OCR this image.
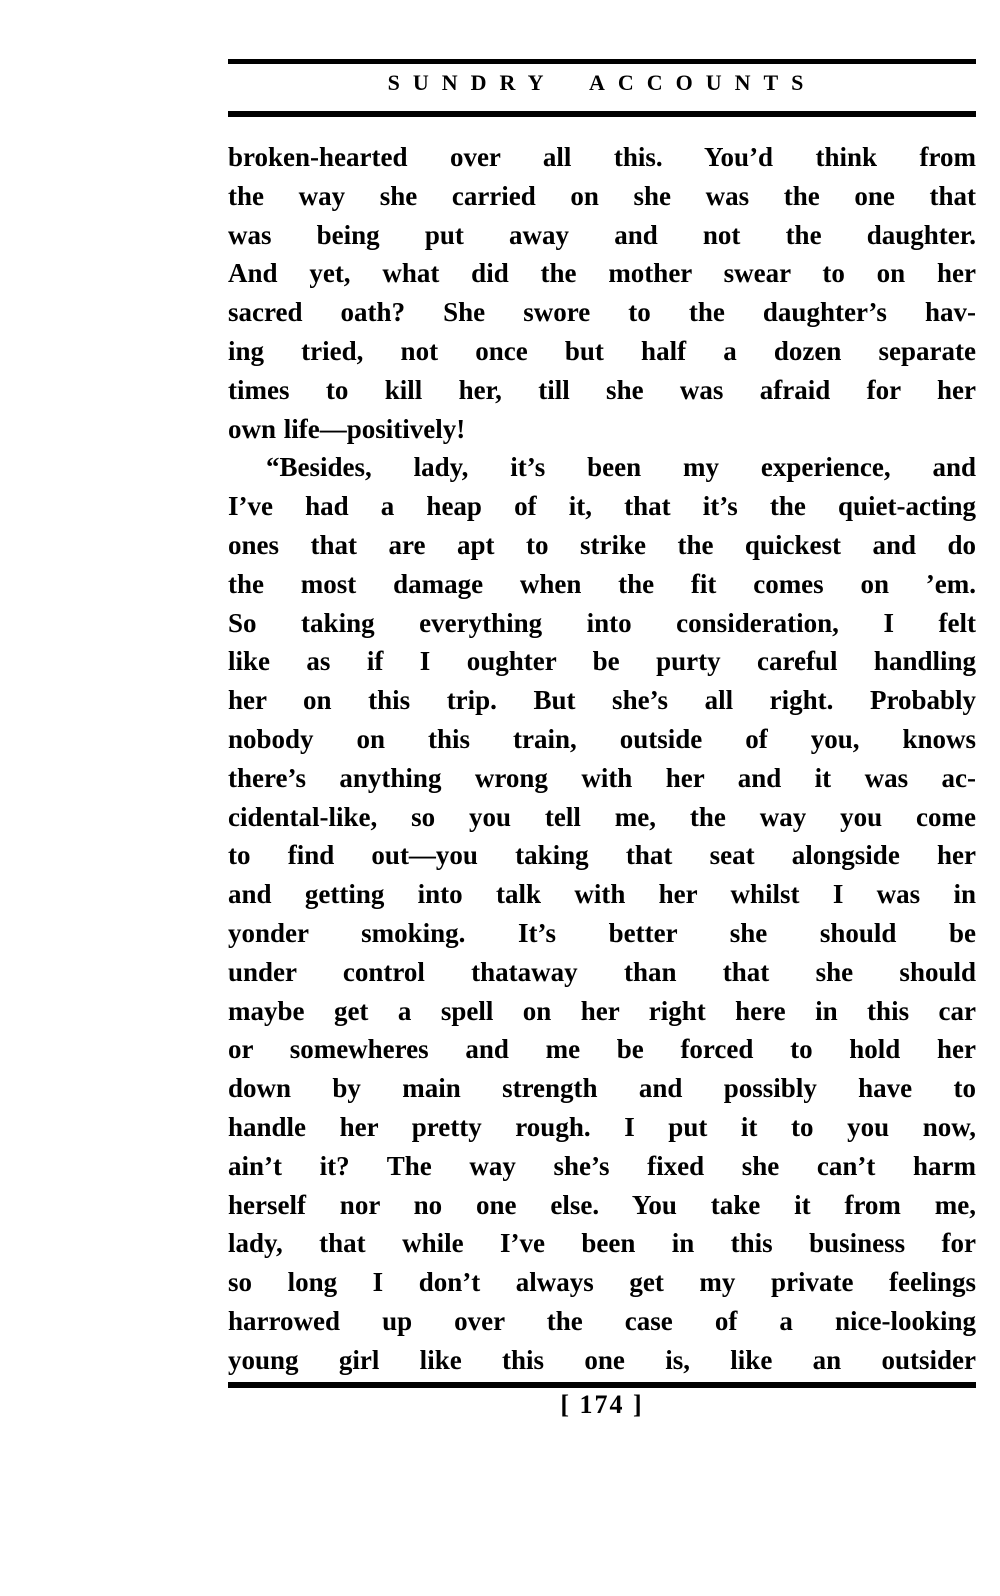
SUNDRY ACCOUNTS
broken-hearted over all this. You’d think from
the way she carried on she was the one that
was being put away and not the daughter.
And yet, what did the mother swear to on her
sacred oath? She swore to the daughter’s hav-
ing tried, not once but half a dozen separate
times to kill her, till she was afraid for her
own life—positively!
“Besides, lady, it’s been my experience, and
I’ve had a heap of it, that it’s the quiet-acting
ones that are apt to strike the quickest and do
the most damage when the fit comes on ’em.
So taking everything into consideration, I felt
like as if I oughter be purty careful handling
her on this trip. But she’s all right. Probably
nobody on this train, outside of you, knows
there’s anything wrong with her and it was ac-
cidental-like, so you tell me, the way you come
to find out—you taking that seat alongside her
and getting into talk with her whilst I was in
yonder smoking. It’s better she should be
under control thataway than that she should
maybe get a spell on her right here in this car
or somewheres and me be forced to hold her
down by main strength and possibly have to
handle her pretty rough. I put it to you now,
ain’t it? The way she’s fixed she can’t harm
herself nor no one else. You take it from me,
lady, that while I’ve been in this business for
so long I don’t always get my private feelings
harrowed up over the case of a nice-looking
young girl like this one is, like an outsider
[ 174 ]
